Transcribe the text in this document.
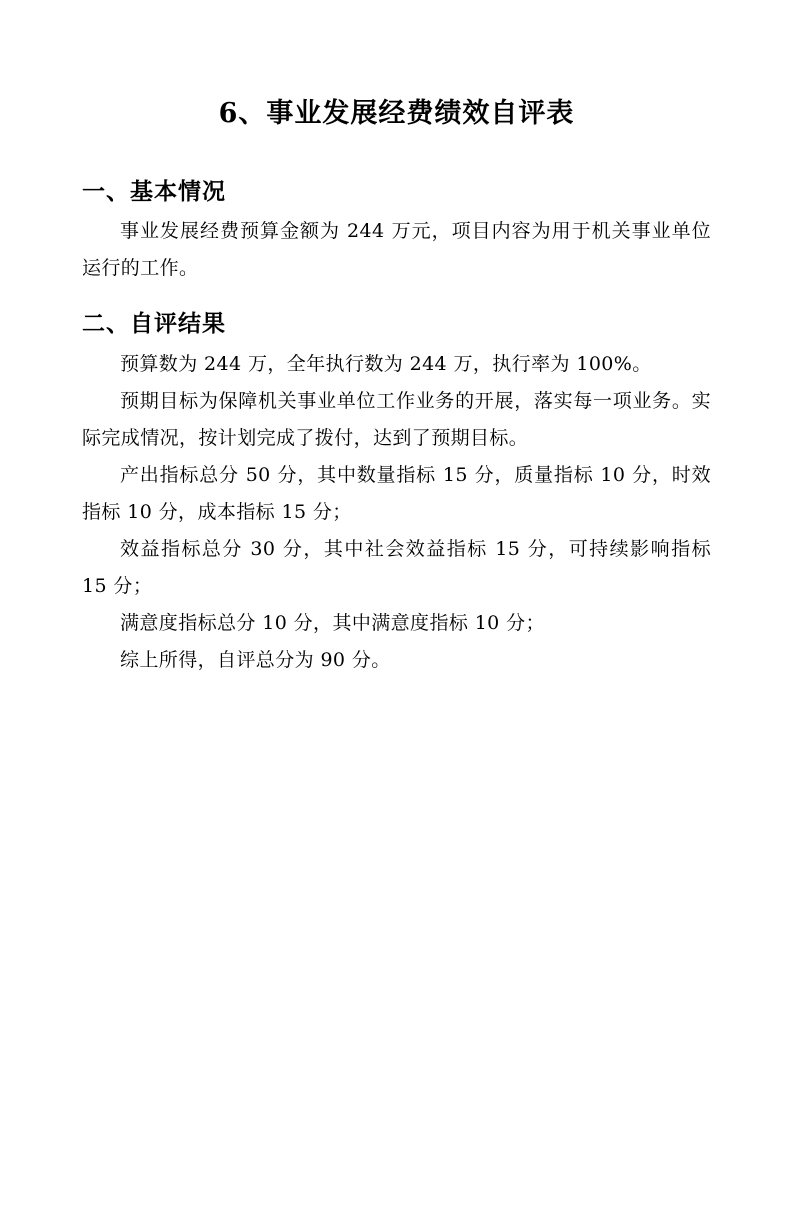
6、事业发展经费绩效自评表
一、基本情况

事业发展经费预算金额为 244 万元，项目内容为用于机关事业单位运行的工作。

二、自评结果

预算数为 244 万，全年执行数为 244 万，执行率为 100%。

预期目标为保障机关事业单位工作业务的开展，落实每一项业务。实际完成情况，按计划完成了拨付，达到了预期目标。

产出指标总分 50 分，其中数量指标 15 分，质量指标 10 分，时效指标 10 分，成本指标 15 分；

效益指标总分 30 分，其中社会效益指标 15 分，可持续影响指标 15 分；

满意度指标总分 10 分，其中满意度指标 10 分；

综上所得，自评总分为 90 分。
